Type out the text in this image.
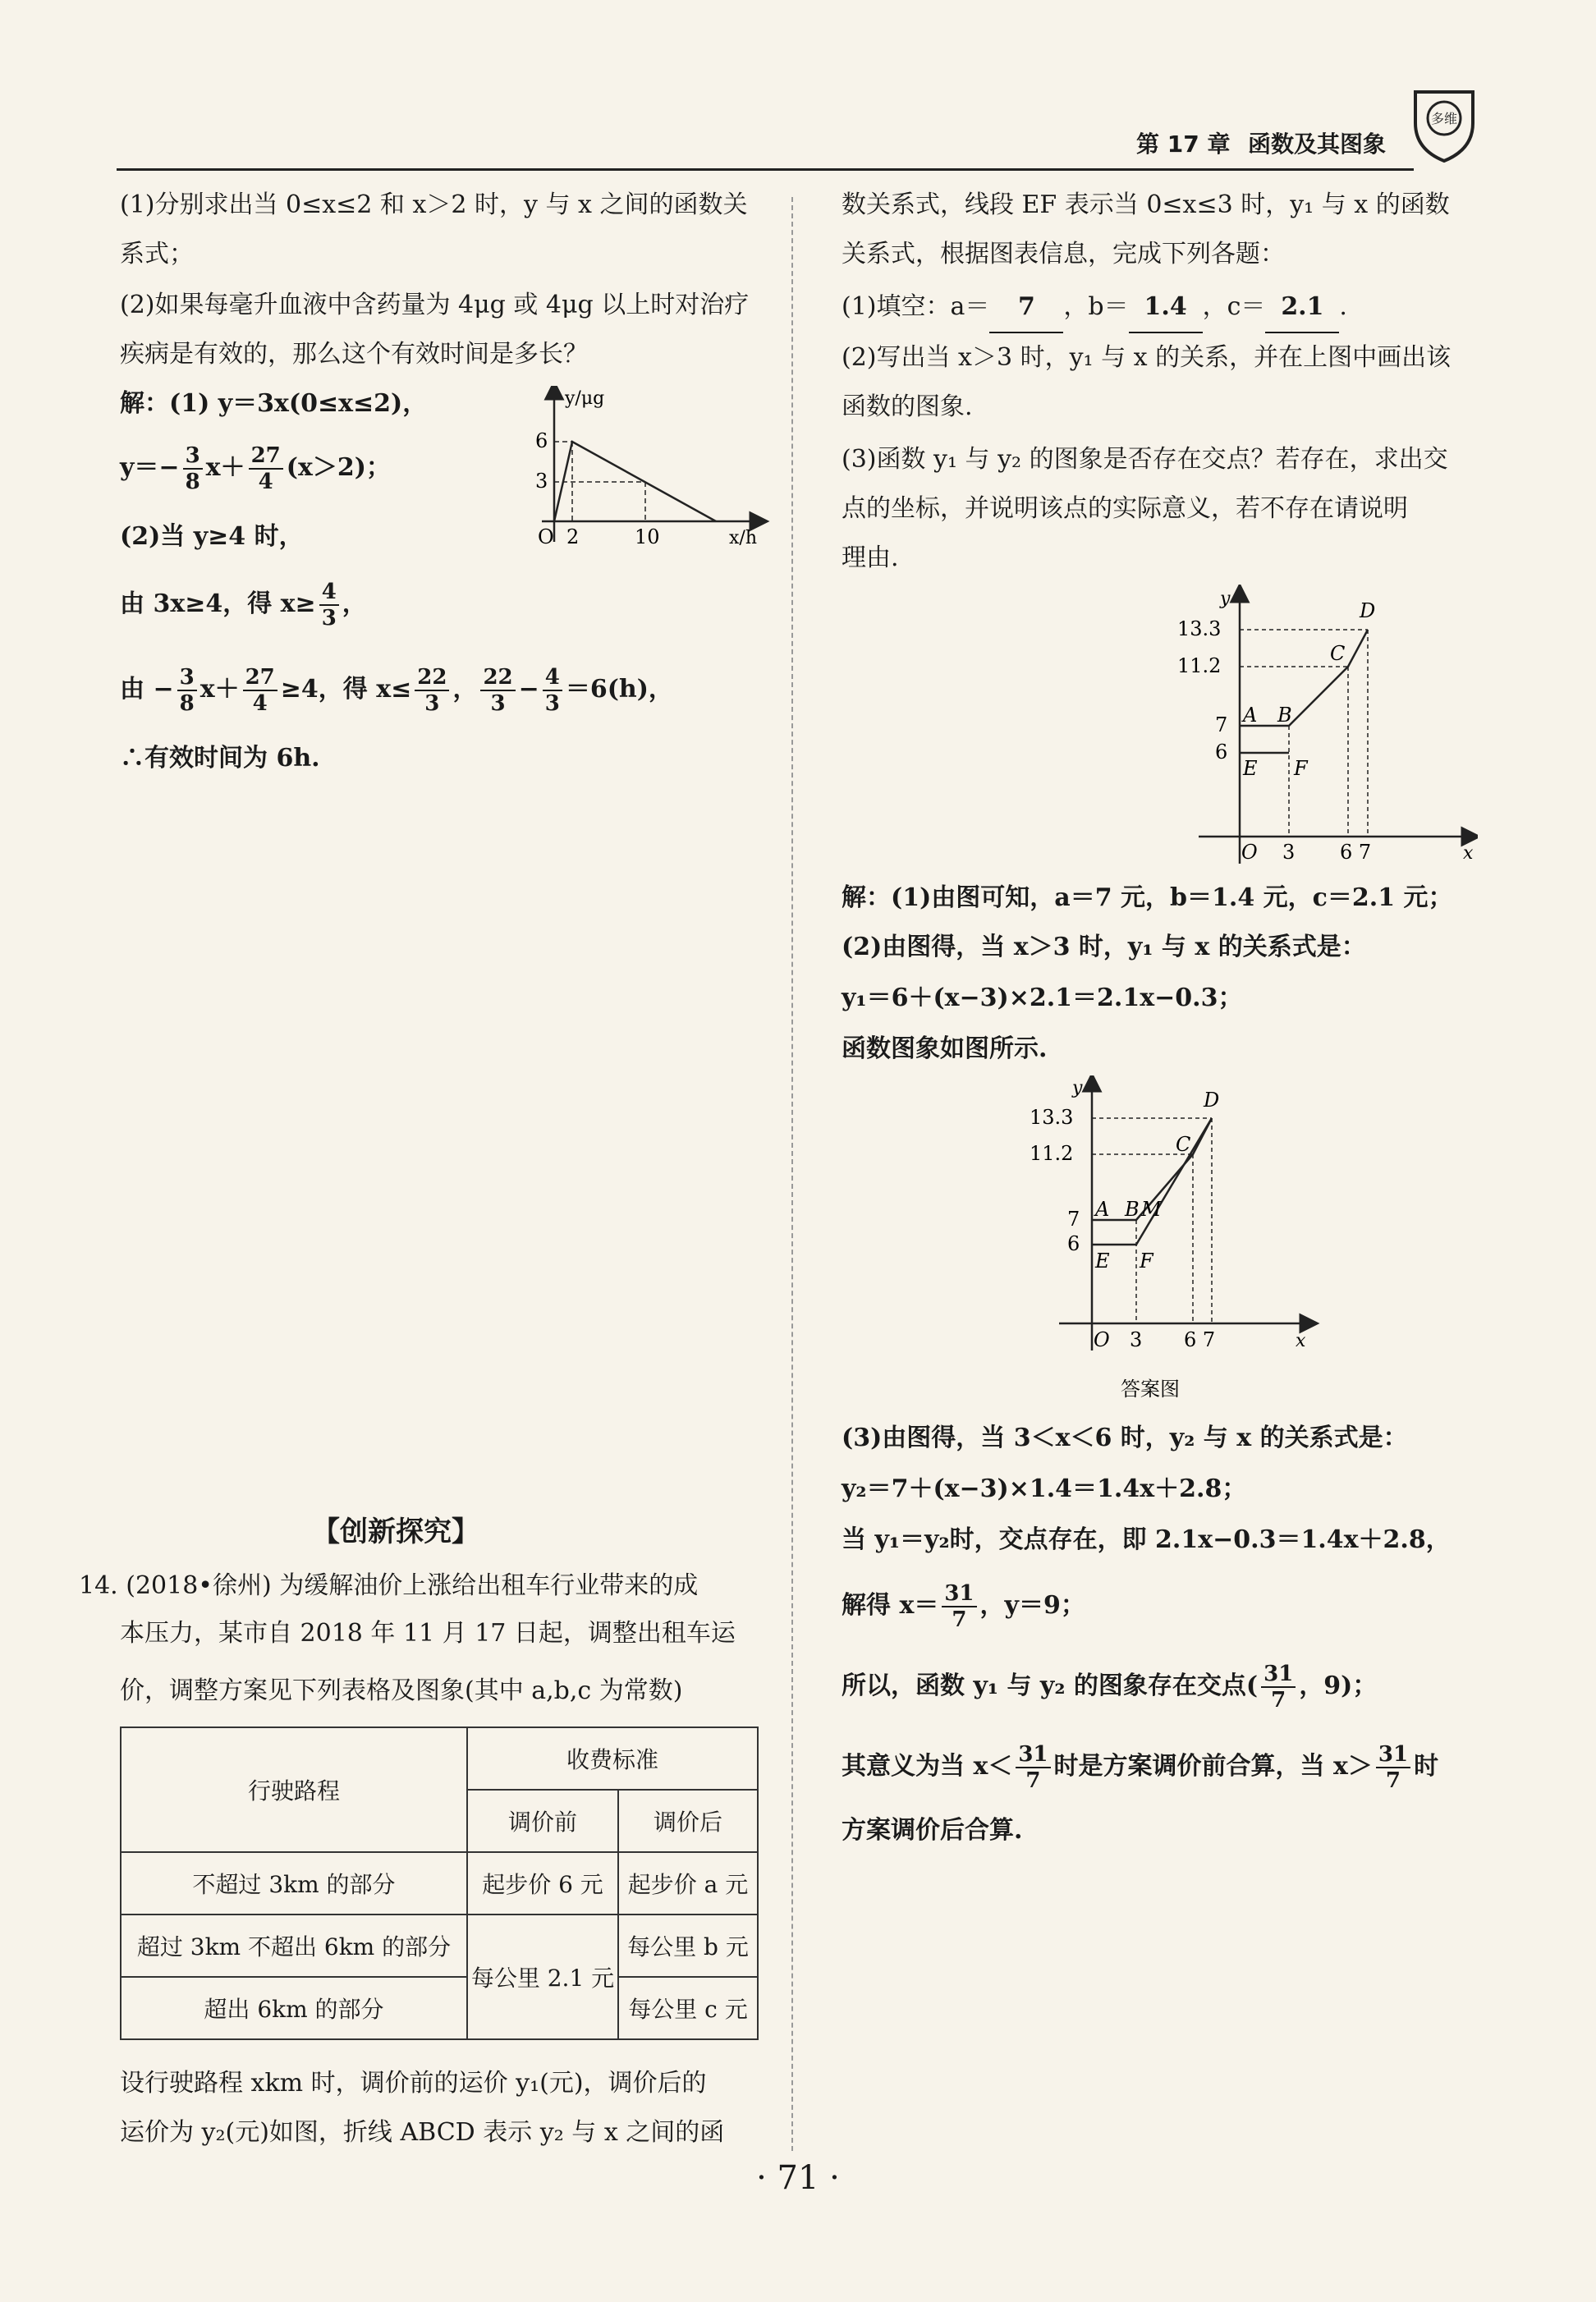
第 17 章 函数及其图象
多维
(1)分别求出当 0≤x≤2 和 x＞2 时，y 与 x 之间的函数关系式；
(2)如果每毫升血液中含药量为 4μg 或 4μg 以上时对治疗疾病是有效的，那么这个有效时间是多长？
解：(1) y＝3x(0≤x≤2)，
$y=- \frac{3}{8} x+ \frac{27}{4} (x>2)$；
(2)当 y≥4 时，
由 3x≥4，得 $x\ge \frac{4}{3}$ ，
由 − $\frac{3}{8} x+ \frac{27}{4} \ge 4$，得 $x\le \frac{22}{3}$ ， $\frac{22}{3} - \frac{4}{3} =6(h)$，
∴有效时间为 6h.
y/μg
x/h
O
6
3
2	10
【创新探究】
14. (2018•徐州) 为缓解油价上涨给出租车行业带来的成
本压力，某市自 2018 年 11 月 17 日起，调整出租车运
价，调整方案见下列表格及图象(其中 a,b,c 为常数)
行驶路程	收费标准	
	调价前	调价后
不超过 3km 的部分	起步价 6 元	起步价 a 元
超过 3km 不超出 6km 的部分	每公里 2.1 元	每公里 b 元
超出 6km 的部分		每公里 c 元
设行驶路程 xkm 时，调价前的运价 y₁(元)，调价后的
运价为 y₂(元)如图，折线 ABCD 表示 y₂ 与 x 之间的函
数关系式，线段 EF 表示当 0≤x≤3 时，y₁ 与 x 的函数
关系式，根据图表信息，完成下列各题：
(1)填空：a＝ 7 ，b＝ 1.4 ，c＝ 2.1 .
(2)写出当 x＞3 时，y₁ 与 x 的关系，并在上图中画出该
函数的图象.
(3)函数 y₁ 与 y₂ 的图象是否存在交点？若存在，求出交
点的坐标，并说明该点的实际意义，若不存在请说明
理由.
y
x
O
13.3
11.2
7
6
3 6 7
A B
C
D
E F
解：(1)由图可知，a＝7 元，b＝1.4 元，c＝2.1 元；
(2)由图得，当 x＞3 时，y₁ 与 x 的关系式是：
y₁＝6＋(x−3)×2.1＝2.1x−0.3；
函数图象如图所示.
y
x
O
13.3
11.2
7
6
3 6 7
A B M
C
D
E F
答案图
(3)由图得，当 3＜x＜6 时，y₂ 与 x 的关系式是：
y₂＝7＋(x−3)×1.4＝1.4x＋2.8；
当 y₁＝y₂时，交点存在，即 2.1x−0.3＝1.4x＋2.8，
解得 $x= \frac{31}{7}$ ，y＝9；
所以，函数 y₁ 与 y₂ 的图象存在交点( $\frac{31}{7}$ ，9)；
其意义为当 $x< \frac{31}{7}$ 时是方案调价前合算，当 $x> \frac{31}{7}$ 时
方案调价后合算.
· 71 ·
